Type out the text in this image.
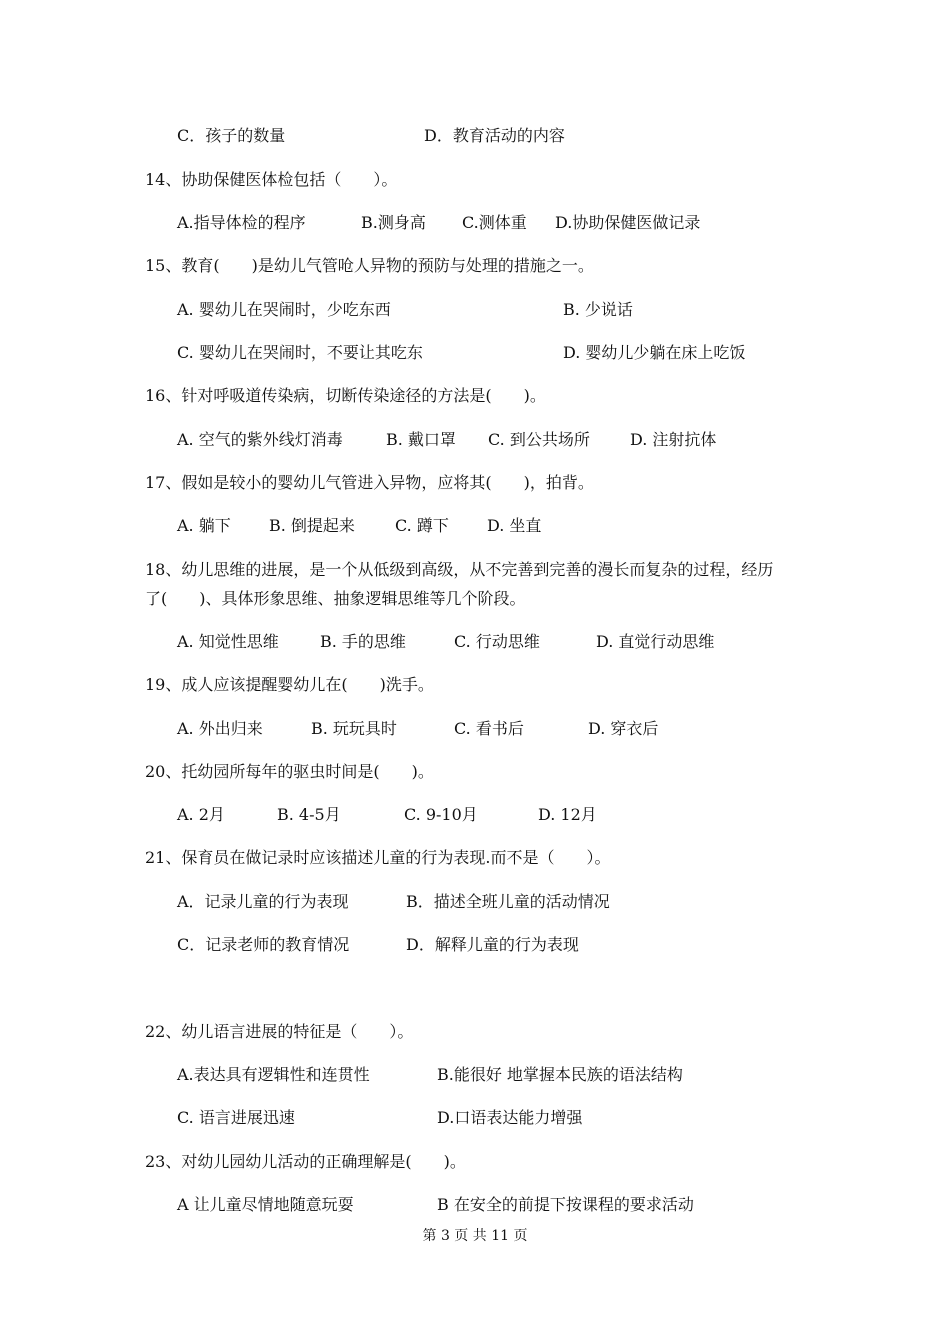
C．孩子的数量	D．教育活动的内容
14、协助保健医体检包括（　　）。
A.指导体检的程序	B.测身高 C.测体重 D.协助保健医做记录
15、教育(　　)是幼儿气管呛人异物的预防与处理的措施之一。
A. 婴幼儿在哭闹时，少吃东西	B. 少说话
C. 婴幼儿在哭闹时，不要让其吃东	D. 婴幼儿少躺在床上吃饭
16、针对呼吸道传染病，切断传染途径的方法是(　　)。
A. 空气的紫外线灯消毒	B. 戴口罩 C. 到公共场所	D. 注射抗体
17、假如是较小的婴幼儿气管进入异物，应将其(　　)，拍背。
A. 躺下 B. 倒提起来	C. 蹲下 D. 坐直
18、幼儿思维的进展，是一个从低级到高级，从不完善到完善的漫长而复杂的过程，经历
了(　　)、具体形象思维、抽象逻辑思维等几个阶段。
A. 知觉性思维	B. 手的思维	C. 行动思维	D. 直觉行动思维
19、成人应该提醒婴幼儿在(　　)洗手。
A. 外出归来	B. 玩玩具时	C. 看书后	D. 穿衣后
20、托幼园所每年的驱虫时间是(　　)。
A. 2月	B. 4-5月	C. 9-10月	D. 12月
21、保育员在做记录时应该描述儿童的行为表现.而不是（　　）。
A．记录儿童的行为表现	B．描述全班儿童的活动情况
C．记录老师的教育情况	D．解释儿童的行为表现
22、幼儿语言进展的特征是（　　）。
A.表达具有逻辑性和连贯性	B.能很好 地掌握本民族的语法结构
C. 语言进展迅速	D.口语表达能力增强
23、对幼儿园幼儿活动的正确理解是(　　)。
A 让儿童尽情地随意玩耍	B 在安全的前提下按课程的要求活动
第 3 页 共 11 页
